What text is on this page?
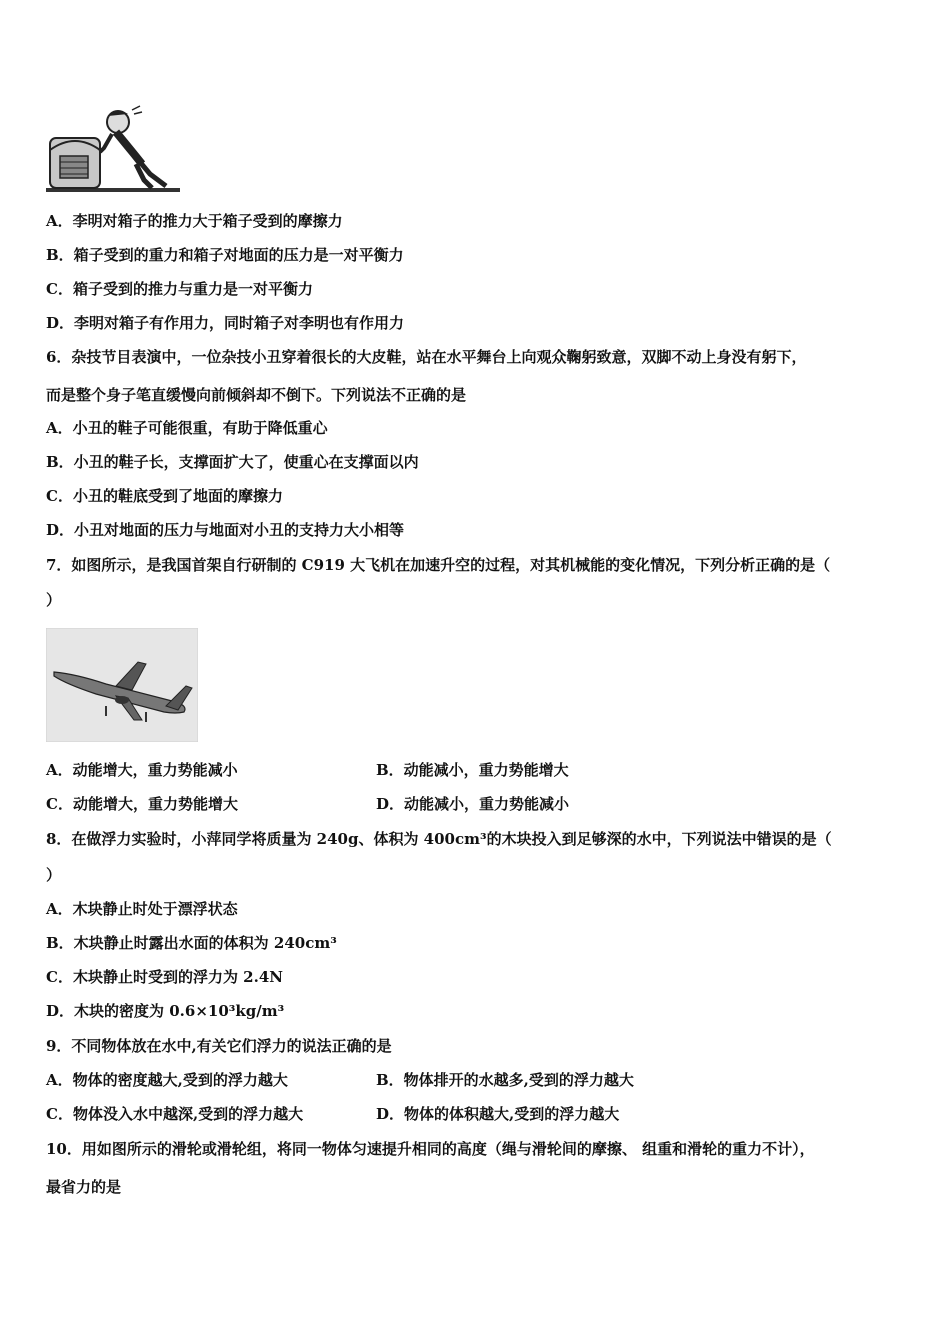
A．李明对箱子的推力大于箱子受到的摩擦力
B．箱子受到的重力和箱子对地面的压力是一对平衡力
C．箱子受到的推力与重力是一对平衡力
D．李明对箱子有作用力，同时箱子对李明也有作用力
6．杂技节目表演中，一位杂技小丑穿着很长的大皮鞋，站在水平舞台上向观众鞠躬致意，双脚不动上身没有躬下，
而是整个身子笔直缓慢向前倾斜却不倒下。下列说法不正确的是
A．小丑的鞋子可能很重，有助于降低重心
B．小丑的鞋子长，支撑面扩大了，使重心在支撑面以内
C．小丑的鞋底受到了地面的摩擦力
D．小丑对地面的压力与地面对小丑的支持力大小相等
7．如图所示，是我国首架自行研制的 C919 大飞机在加速升空的过程，对其机械能的变化情况，下列分析正确的是（
）
A．动能增大，重力势能减小	B．动能减小，重力势能增大
C．动能增大，重力势能增大	D．动能减小，重力势能减小
8．在做浮力实验时，小萍同学将质量为 240g、体积为 400cm³的木块投入到足够深的水中，下列说法中错误的是（
）
A．木块静止时处于漂浮状态
B．木块静止时露出水面的体积为 240cm³
C．木块静止时受到的浮力为 2.4N
D．木块的密度为 0.6×10³kg/m³
9．不同物体放在水中,有关它们浮力的说法正确的是
A．物体的密度越大,受到的浮力越大	B．物体排开的水越多,受到的浮力越大
C．物体没入水中越深,受到的浮力越大	D．物体的体积越大,受到的浮力越大
10．用如图所示的滑轮或滑轮组，将同一物体匀速提升相同的高度（绳与滑轮间的摩擦、 组重和滑轮的重力不计），
最省力的是
